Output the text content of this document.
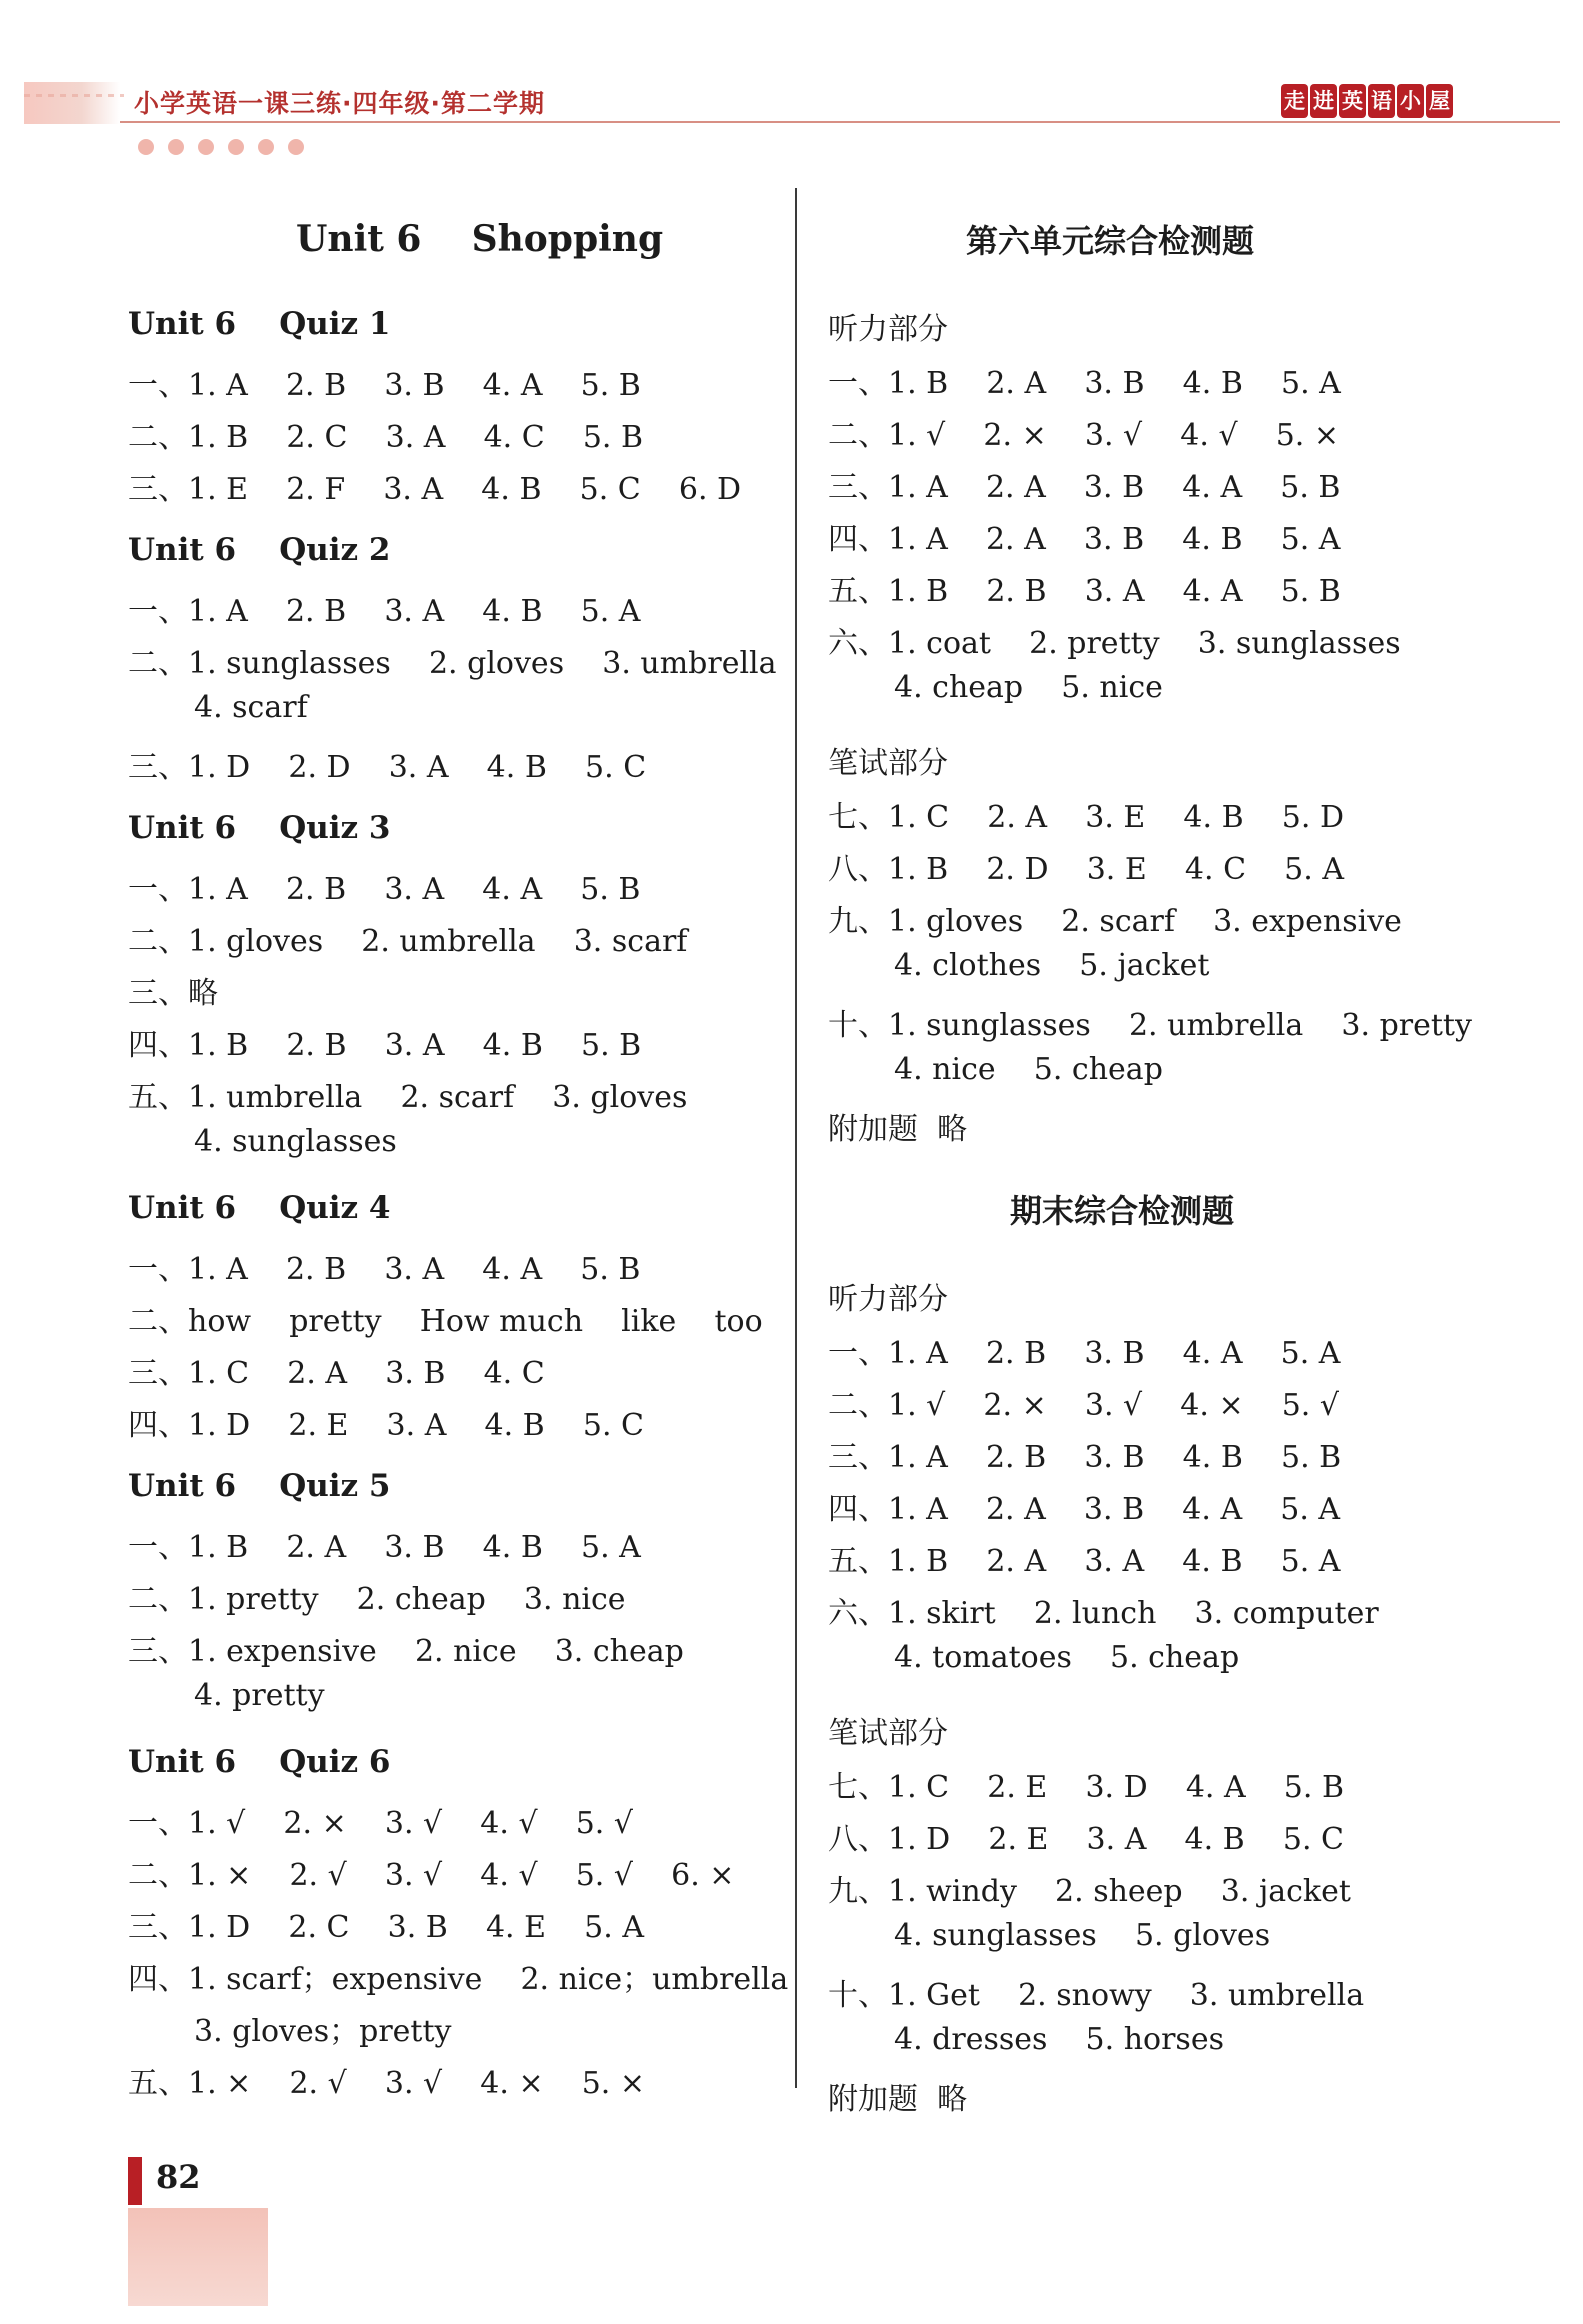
小学英语一课三练·四年级·第二学期	走 进 英 语 小 屋
Unit 6    Shopping
Unit 6    Quiz 1
一、1. A    2. B    3. B    4. A    5. B
二、1. B    2. C    3. A    4. C    5. B
三、1. E    2. F    3. A    4. B    5. C    6. D
Unit 6    Quiz 2
一、1. A    2. B    3. A    4. B    5. A
二、1. sunglasses    2. gloves    3. umbrella
4. scarf
三、1. D    2. D    3. A    4. B    5. C
Unit 6    Quiz 3
一、1. A    2. B    3. A    4. A    5. B
二、1. gloves    2. umbrella    3. scarf
三、略
四、1. B    2. B    3. A    4. B    5. B
五、1. umbrella    2. scarf    3. gloves
4. sunglasses
Unit 6    Quiz 4
一、1. A    2. B    3. A    4. A    5. B
二、how    pretty    How much    like    too
三、1. C    2. A    3. B    4. C
四、1. D    2. E    3. A    4. B    5. C
Unit 6    Quiz 5
一、1. B    2. A    3. B    4. B    5. A
二、1. pretty    2. cheap    3. nice
三、1. expensive    2. nice    3. cheap
4. pretty
Unit 6    Quiz 6
一、1. √    2. ×    3. √    4. √    5. √
二、1. ×    2. √    3. √    4. √    5. √    6. ×
三、1. D    2. C    3. B    4. E    5. A
四、1. scarf；expensive    2. nice；umbrella
3. gloves；pretty
五、1. ×    2. √    3. √    4. ×    5. ×
第六单元综合检测题
听力部分
一、1. B    2. A    3. B    4. B    5. A
二、1. √    2. ×    3. √    4. √    5. ×
三、1. A    2. A    3. B    4. A    5. B
四、1. A    2. A    3. B    4. B    5. A
五、1. B    2. B    3. A    4. A    5. B
六、1. coat    2. pretty    3. sunglasses
4. cheap    5. nice
笔试部分
七、1. C    2. A    3. E    4. B    5. D
八、1. B    2. D    3. E    4. C    5. A
九、1. gloves    2. scarf    3. expensive
4. clothes    5. jacket
十、1. sunglasses    2. umbrella    3. pretty
4. nice    5. cheap
附加题  略
期末综合检测题
听力部分
一、1. A    2. B    3. B    4. A    5. A
二、1. √    2. ×    3. √    4. ×    5. √
三、1. A    2. B    3. B    4. B    5. B
四、1. A    2. A    3. B    4. A    5. A
五、1. B    2. A    3. A    4. B    5. A
六、1. skirt    2. lunch    3. computer
4. tomatoes    5. cheap
笔试部分
七、1. C    2. E    3. D    4. A    5. B
八、1. D    2. E    3. A    4. B    5. C
九、1. windy    2. sheep    3. jacket
4. sunglasses    5. gloves
十、1. Get    2. snowy    3. umbrella
4. dresses    5. horses
附加题  略
82
